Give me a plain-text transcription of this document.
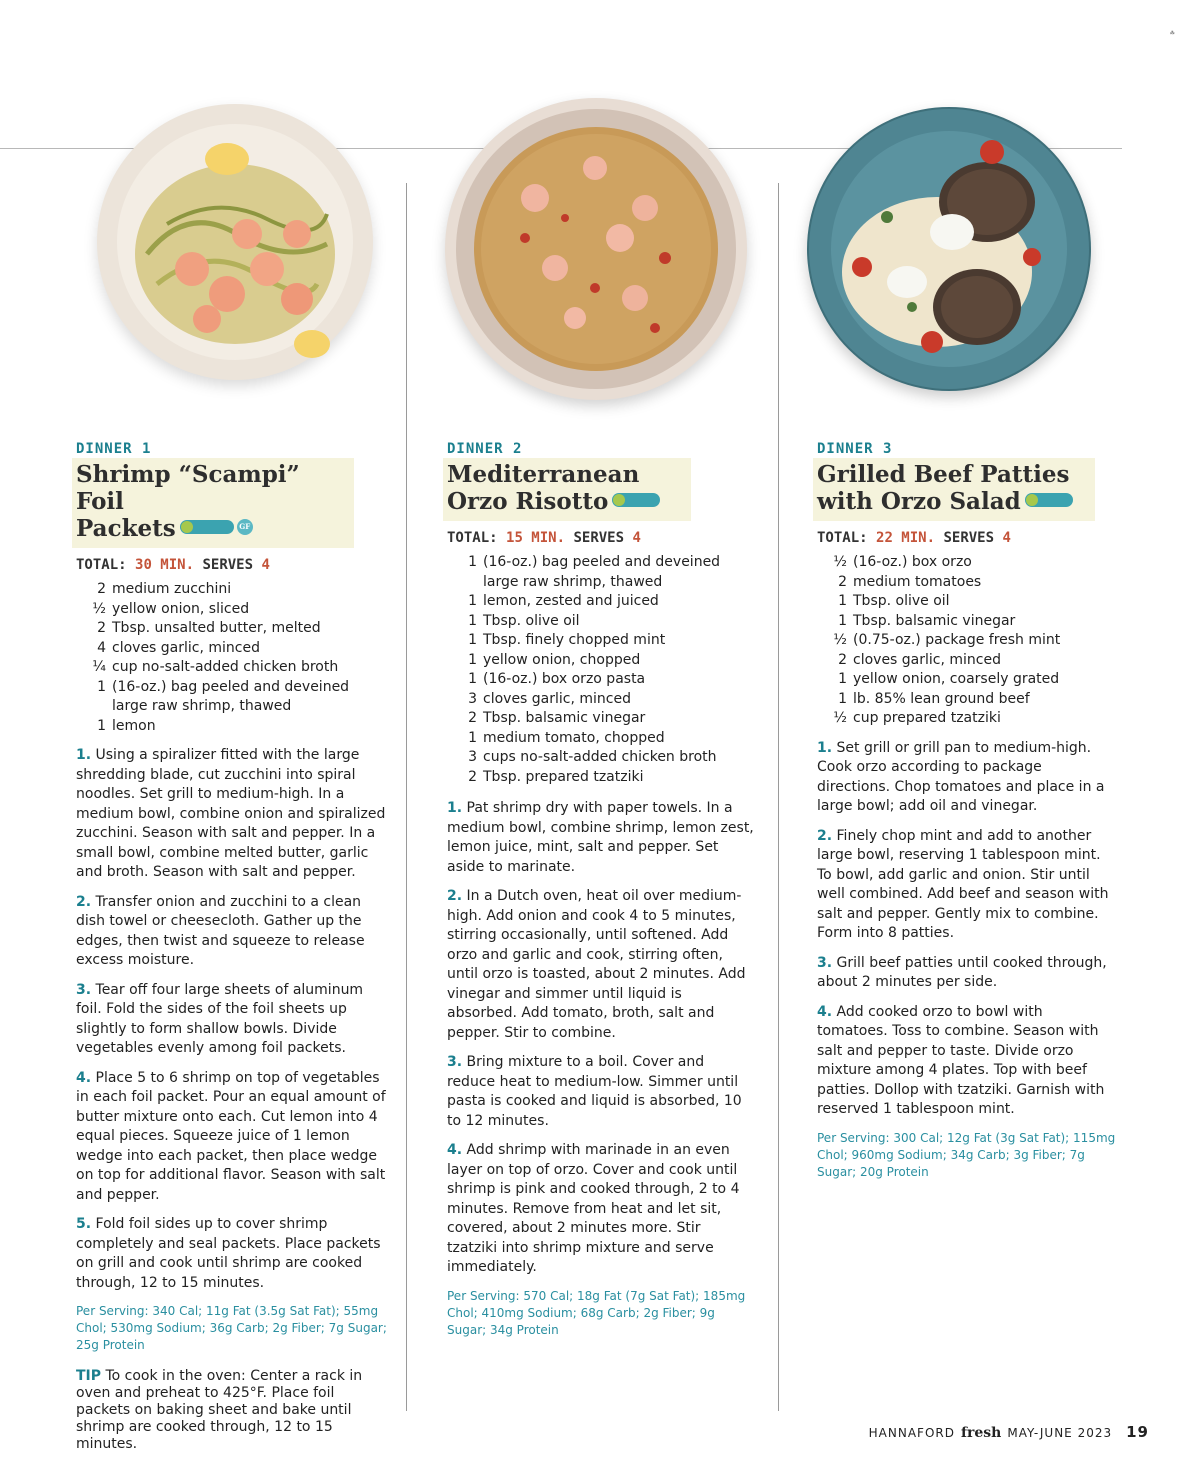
☘
DINNER 1
Shrimp “Scampi” Foil
Packets	GF
TOTAL: 30 MIN. SERVES 4
2 medium zucchini
½ yellow onion, sliced
2 Tbsp. unsalted butter, melted
4 cloves garlic, minced
¼ cup no-salt-added chicken broth
1 (16-oz.) bag peeled and deveined large raw shrimp, thawed
1 lemon
1. Using a spiralizer fitted with the large shredding blade, cut zucchini into spiral noodles. Set grill to medium-high. In a medium bowl, combine onion and spiralized zucchini. Season with salt and pepper. In a small bowl, combine melted butter, garlic and broth. Season with salt and pepper.
2. Transfer onion and zucchini to a clean dish towel or cheesecloth. Gather up the edges, then twist and squeeze to release excess moisture.
3. Tear off four large sheets of aluminum foil. Fold the sides of the foil sheets up slightly to form shallow bowls. Divide vegetables evenly among foil packets.
4. Place 5 to 6 shrimp on top of vegetables in each foil packet. Pour an equal amount of butter mixture onto each. Cut lemon into 4 equal pieces. Squeeze juice of 1 lemon wedge into each packet, then place wedge on top for additional flavor. Season with salt and pepper.
5. Fold foil sides up to cover shrimp completely and seal packets. Place packets on grill and cook until shrimp are cooked through, 12 to 15 minutes.
Per Serving: 340 Cal; 11g Fat (3.5g Sat Fat); 55mg Chol; 530mg Sodium; 36g Carb; 2g Fiber; 7g Sugar; 25g Protein
TIP To cook in the oven: Center a rack in oven and preheat to 425°F. Place foil packets on baking sheet and bake until shrimp are cooked through, 12 to 15 minutes.
DINNER 2
Mediterranean
Orzo Risotto
TOTAL: 15 MIN. SERVES 4
1 (16-oz.) bag peeled and deveined large raw shrimp, thawed
1 lemon, zested and juiced
1 Tbsp. olive oil
1 Tbsp. finely chopped mint
1 yellow onion, chopped
1 (16-oz.) box orzo pasta
3 cloves garlic, minced
2 Tbsp. balsamic vinegar
1 medium tomato, chopped
3 cups no-salt-added chicken broth
2 Tbsp. prepared tzatziki
1. Pat shrimp dry with paper towels. In a medium bowl, combine shrimp, lemon zest, lemon juice, mint, salt and pepper. Set aside to marinate.
2. In a Dutch oven, heat oil over medium-high. Add onion and cook 4 to 5 minutes, stirring occasionally, until softened. Add orzo and garlic and cook, stirring often, until orzo is toasted, about 2 minutes. Add vinegar and simmer until liquid is absorbed. Add tomato, broth, salt and pepper. Stir to combine.
3. Bring mixture to a boil. Cover and reduce heat to medium-low. Simmer until pasta is cooked and liquid is absorbed, 10 to 12 minutes.
4. Add shrimp with marinade in an even layer on top of orzo. Cover and cook until shrimp is pink and cooked through, 2 to 4 minutes. Remove from heat and let sit, covered, about 2 minutes more. Stir tzatziki into shrimp mixture and serve immediately.
Per Serving: 570 Cal; 18g Fat (7g Sat Fat); 185mg Chol; 410mg Sodium; 68g Carb; 2g Fiber; 9g Sugar; 34g Protein
DINNER 3
Grilled Beef Patties
with Orzo Salad
TOTAL: 22 MIN. SERVES 4
½ (16-oz.) box orzo
2 medium tomatoes
1 Tbsp. olive oil
1 Tbsp. balsamic vinegar
½ (0.75-oz.) package fresh mint
2 cloves garlic, minced
1 yellow onion, coarsely grated
1 lb. 85% lean ground beef
½ cup prepared tzatziki
1. Set grill or grill pan to medium-high. Cook orzo according to package directions. Chop tomatoes and place in a large bowl; add oil and vinegar.
2. Finely chop mint and add to another large bowl, reserving 1 tablespoon mint. To bowl, add garlic and onion. Stir until well combined. Add beef and season with salt and pepper. Gently mix to combine. Form into 8 patties.
3. Grill beef patties until cooked through, about 2 minutes per side.
4. Add cooked orzo to bowl with tomatoes. Toss to combine. Season with salt and pepper to taste. Divide orzo mixture among 4 plates. Top with beef patties. Dollop with tzatziki. Garnish with reserved 1 tablespoon mint.
Per Serving: 300 Cal; 12g Fat (3g Sat Fat); 115mg Chol; 960mg Sodium; 34g Carb; 3g Fiber; 7g Sugar; 20g Protein
HANNAFORD fresh MAY-JUNE 2023 19
